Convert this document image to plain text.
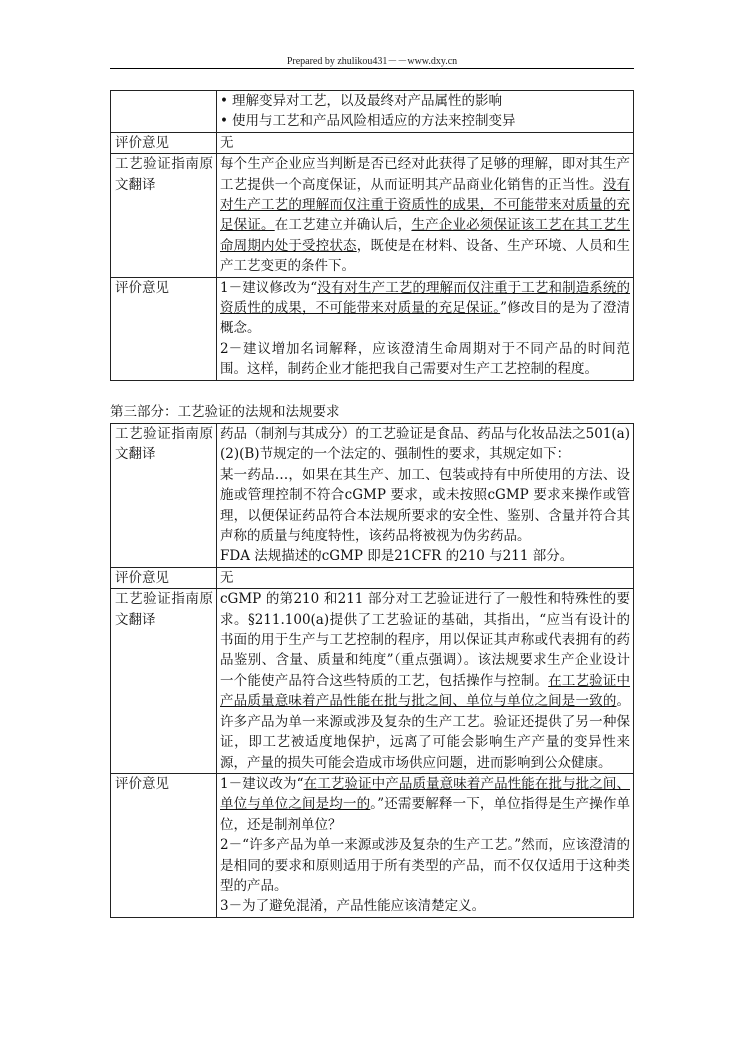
Prepared by zhulikou431－－www.dxy.cn

	• 理解变异对工艺，以及最终对产品属性的影响
• 使用与工艺和产品风险相适应的方法来控制变异

评价意见	无
工艺验证指南原文翻译	每个生产企业应当判断是否已经对此获得了足够的理解，即对其生产工艺提供一个高度保证，从而证明其产品商业化销售的正当性。没有对生产工艺的理解而仅注重于资质性的成果，不可能带来对质量的充足保证。在工艺建立并确认后，生产企业必须保证该工艺在其工艺生命周期内处于受控状态，既使是在材料、设备、生产环境、人员和生产工艺变更的条件下。
评价意见	1－建议修改为“没有对生产工艺的理解而仅注重于工艺和制造系统的资质性的成果，不可能带来对质量的充足保证。”修改目的是为了澄清概念。
2－建议增加名词解释，应该澄清生命周期对于不同产品的时间范围。这样，制药企业才能把我自己需要对生产工艺控制的程度。
第三部分：工艺验证的法规和法规要求
工艺验证指南原文翻译	药品（制剂与其成分）的工艺验证是食品、药品与化妆品法之501(a)(2)(B)节规定的一个法定的、强制性的要求，其规定如下：
某一药品…，如果在其生产、加工、包装或持有中所使用的方法、设施或管理控制不符合cGMP 要求，或未按照cGMP 要求来操作或管理，以便保证药品符合本法规所要求的安全性、鉴别、含量并符合其声称的质量与纯度特性，该药品将被视为伪劣药品。
FDA 法规描述的cGMP 即是21CFR 的210 与211 部分。

评价意见	无
工艺验证指南原文翻译	cGMP 的第210 和211 部分对工艺验证进行了一般性和特殊性的要求。§211.100(a)提供了工艺验证的基础，其指出，“应当有设计的书面的用于生产与工艺控制的程序，用以保证其声称或代表拥有的药品鉴别、含量、质量和纯度”（重点强调）。该法规要求生产企业设计一个能使产品符合这些特质的工艺，包括操作与控制。在工艺验证中产品质量意味着产品性能在批与批之间、单位与单位之间是一致的。许多产品为单一来源或涉及复杂的生产工艺。验证还提供了另一种保证，即工艺被适度地保护，远离了可能会影响生产产量的变异性来源，产量的损失可能会造成市场供应问题，进而影响到公众健康。
评价意见	1－建议改为“在工艺验证中产品质量意味着产品性能在批与批之间、单位与单位之间是均一的。”还需要解释一下，单位指得是生产操作单位，还是制剂单位？
2－“许多产品为单一来源或涉及复杂的生产工艺。”然而，应该澄清的是相同的要求和原则适用于所有类型的产品，而不仅仅适用于这种类型的产品。
3－为了避免混淆，产品性能应该清楚定义。
